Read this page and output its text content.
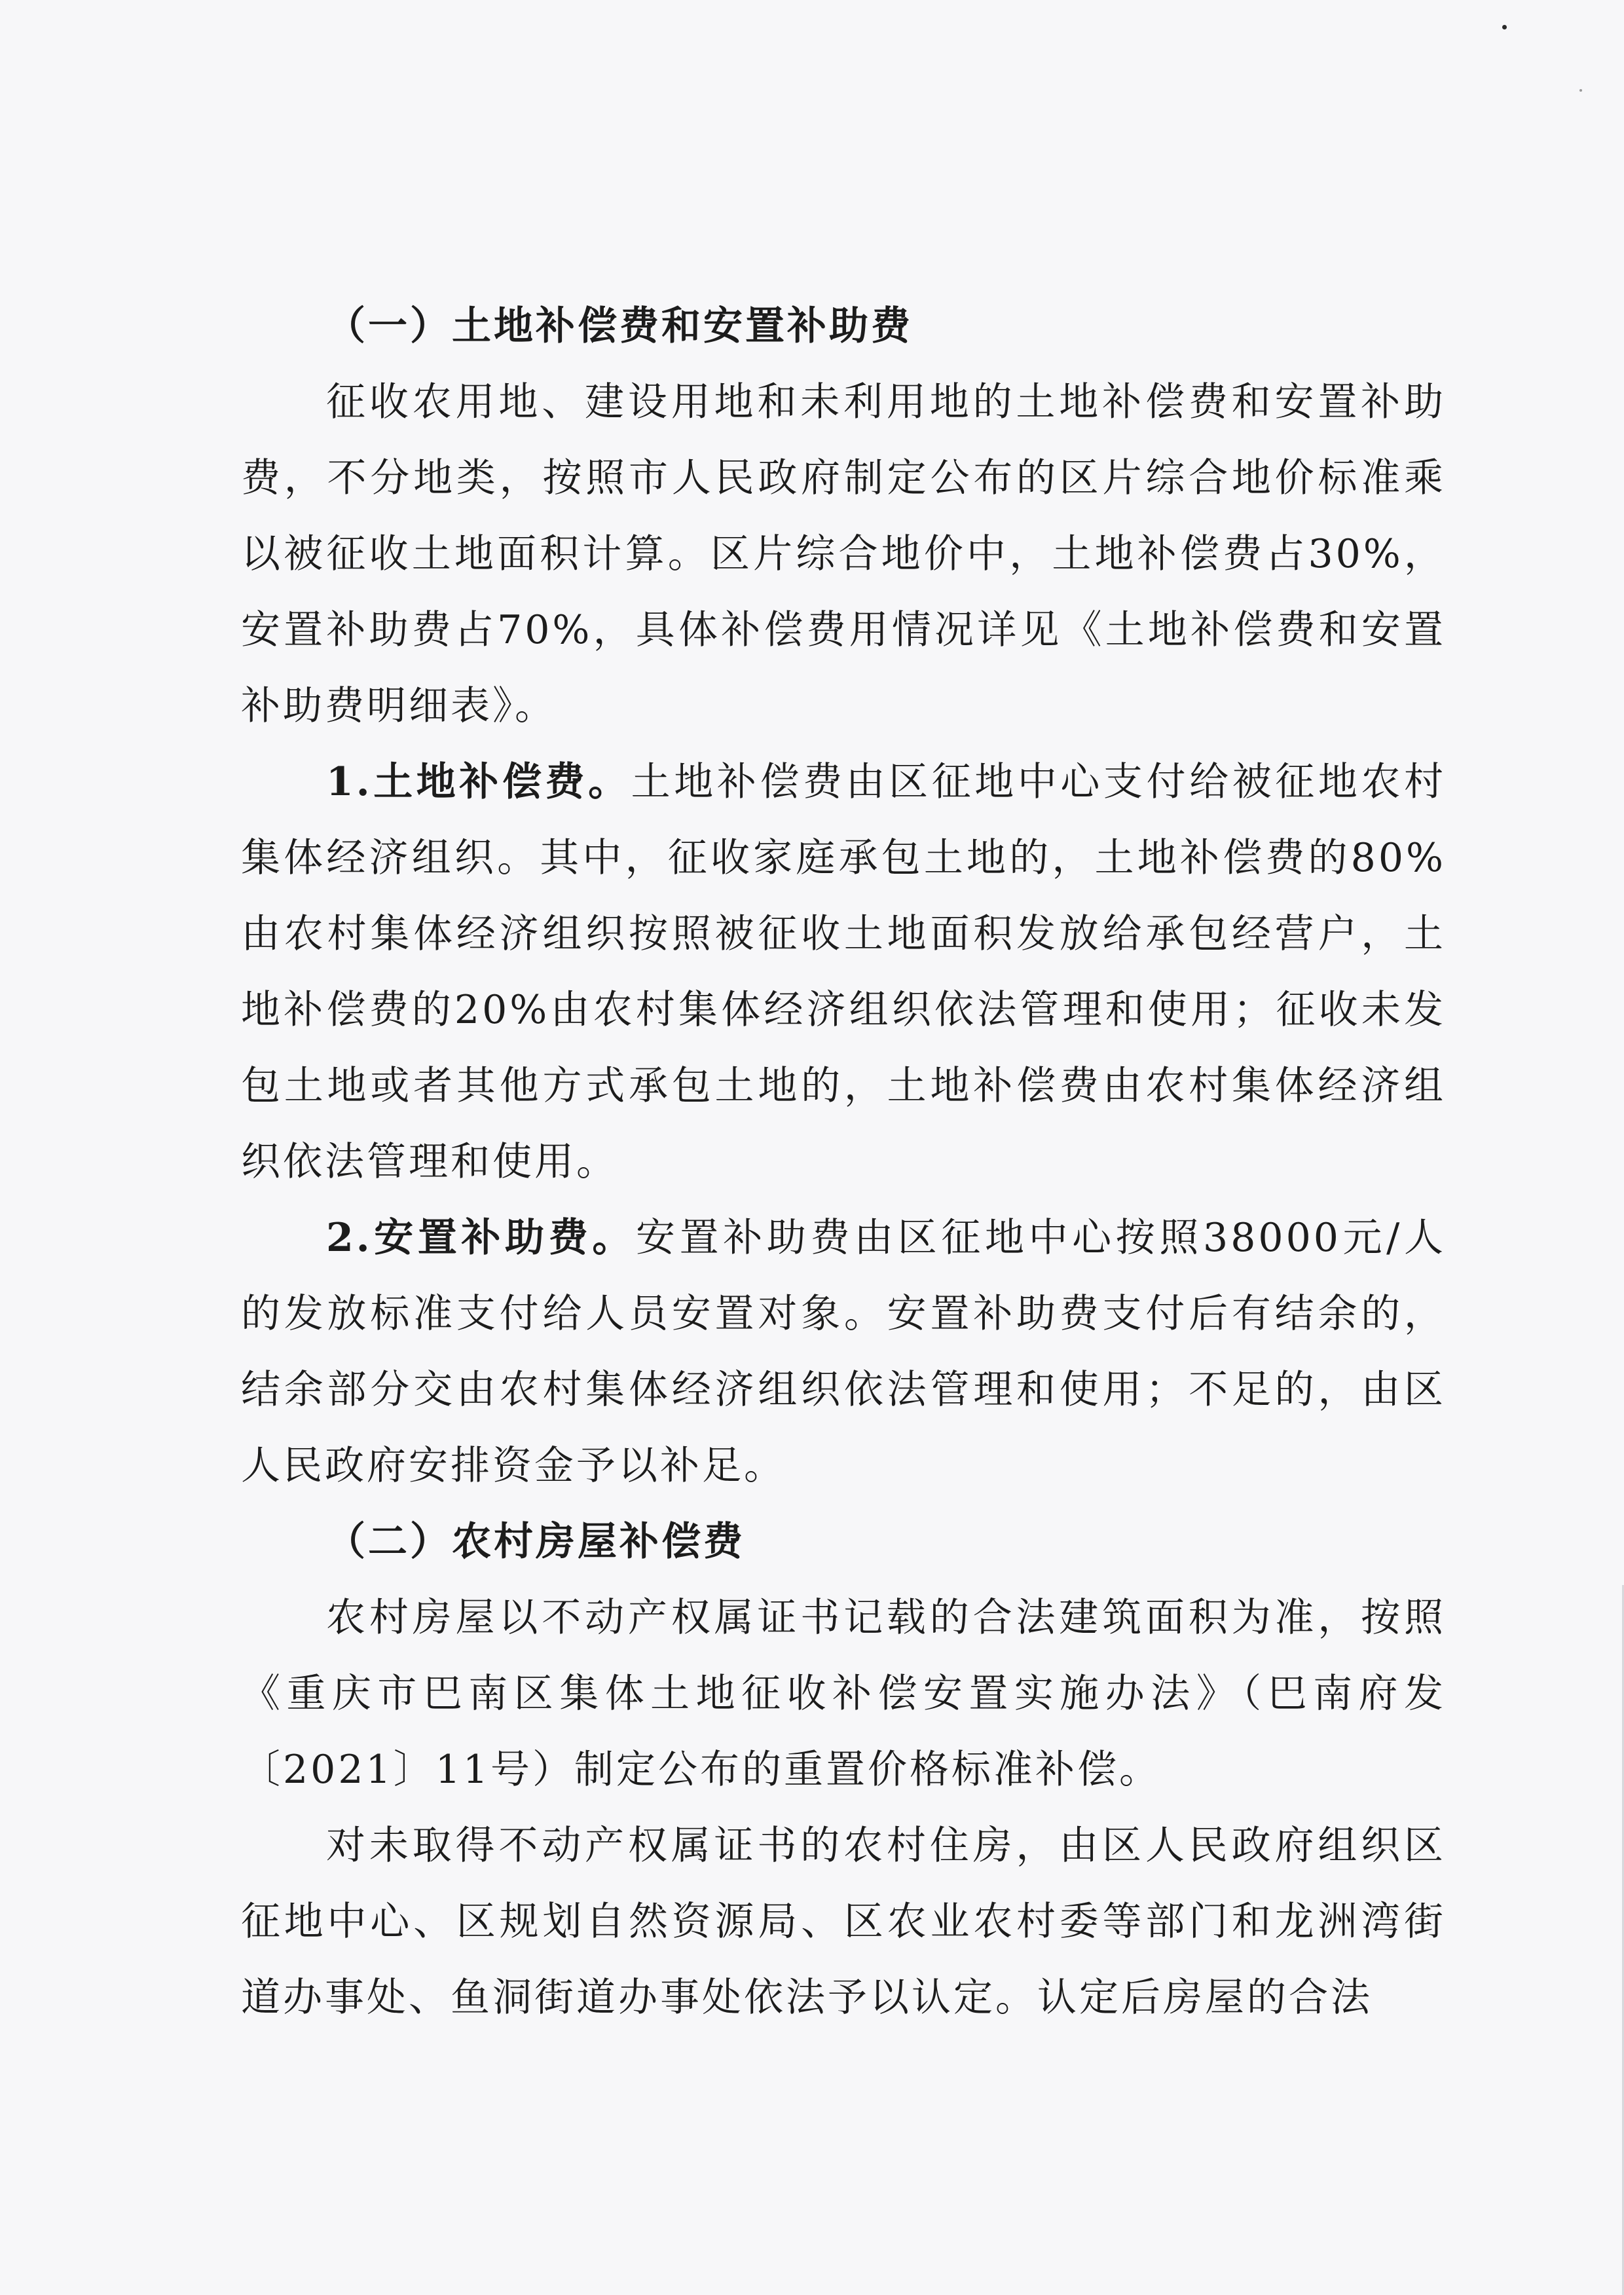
（一）土地补偿费和安置补助费

征收农用地、建设用地和未利用地的土地补偿费和安置补助费，不分地类，按照市人民政府制定公布的区片综合地价标准乘以被征收土地面积计算。区片综合地价中，土地补偿费占30%，安置补助费占70%，具体补偿费用情况详见《土地补偿费和安置补助费明细表》。

1.土地补偿费。土地补偿费由区征地中心支付给被征地农村集体经济组织。其中，征收家庭承包土地的，土地补偿费的80%由农村集体经济组织按照被征收土地面积发放给承包经营户，土地补偿费的20%由农村集体经济组织依法管理和使用；征收未发包土地或者其他方式承包土地的，土地补偿费由农村集体经济组织依法管理和使用。

2.安置补助费。安置补助费由区征地中心按照38000元/人的发放标准支付给人员安置对象。安置补助费支付后有结余的，结余部分交由农村集体经济组织依法管理和使用；不足的，由区人民政府安排资金予以补足。

（二）农村房屋补偿费

农村房屋以不动产权属证书记载的合法建筑面积为准，按照《重庆市巴南区集体土地征收补偿安置实施办法》（巴南府发〔2021〕11号）制定公布的重置价格标准补偿。

对未取得不动产权属证书的农村住房，由区人民政府组织区征地中心、区规划自然资源局、区农业农村委等部门和龙洲湾街道办事处、鱼洞街道办事处依法予以认定。认定后房屋的合法
